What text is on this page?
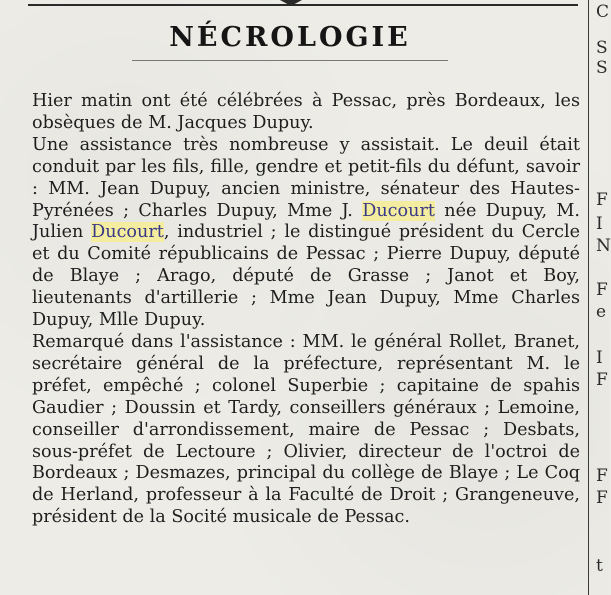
NÉCROLOGIE
C
S
S
F
I
N
F
e
I
F
F
F
t

Hier matin ont été célébrées à Pessac, près Bordeaux, les obsèques de M. Jacques Dupuy.

Une assistance très nombreuse y assistait. Le deuil était conduit par les fils, fille, gendre et petit-fils du défunt, savoir : MM. Jean Dupuy, ancien ministre, sénateur des Hautes-Pyrénées ; Charles Dupuy, Mme J. Ducourt née Dupuy, M. Julien Ducourt, industriel ; le distingué président du Cercle et du Comité républicains de Pessac ; Pierre Dupuy, député de Blaye ; Arago, député de Grasse ; Janot et Boy, lieutenants d'artillerie ; Mme Jean Dupuy, Mme Charles Dupuy, Mlle Dupuy.

Remarqué dans l'assistance : MM. le général Rollet, Branet, secrétaire général de la préfecture, représentant M. le préfet, empêché ; colonel Superbie ; capitaine de spahis Gaudier ; Doussin et Tardy, conseillers généraux ; Lemoine, conseiller d'arrondissement, maire de Pessac ; Desbats, sous-préfet de Lectoure ; Olivier, directeur de l'octroi de Bordeaux ; Desmazes, principal du collège de Blaye ; Le Coq de Herland, professeur à la Faculté de Droit ; Grangeneuve, président de la Socité musicale de Pessac.
